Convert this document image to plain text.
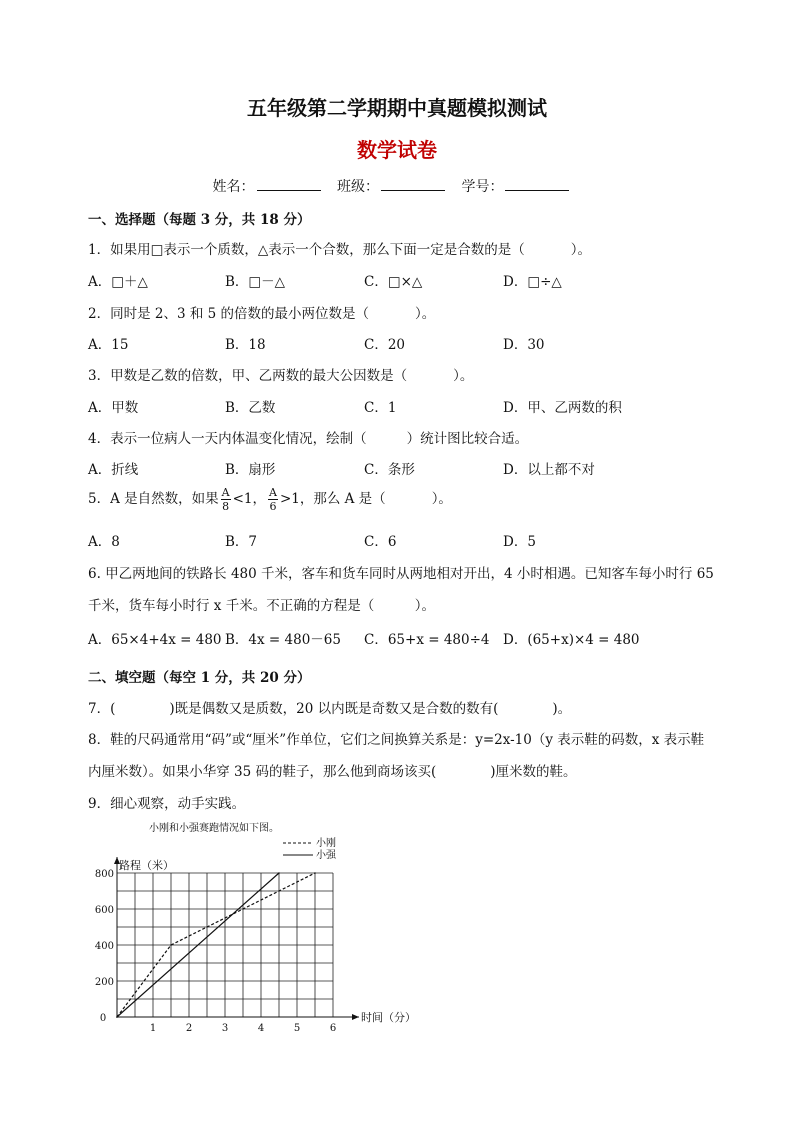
五年级第二学期期中真题模拟测试
数学试卷
姓名：	班级：	学号：
一、选择题（每题 3 分，共 18 分）
1．如果用□表示一个质数，△表示一个合数，那么下面一定是合数的是（	）。
A．□＋△	B．□－△	C．□×△	D．□÷△
2．同时是 2、3 和 5 的倍数的最小两位数是（	）。
A．15	B．18	C．20	D．30
3．甲数是乙数的倍数，甲、乙两数的最大公因数是（	）。
A．甲数	B．乙数	C．1	D．甲、乙两数的积
4．表示一位病人一天内体温变化情况，绘制（	）统计图比较合适。
A．折线	B．扇形	C．条形	D．以上都不对
5．A 是自然数，如果 $\frac{A}{8} <1$， $\frac{A}{6} >1$，那么 A 是（	）。
A．8	B．7	C．6	D．5
6. 甲乙两地间的铁路长 480 千米，客车和货车同时从两地相对开出，4 小时相遇。已知客车每小时行 65
千米，货车每小时行 x 千米。不正确的方程是（　　　）。
A．65×4+4x = 480 B．4x = 480－65 C．65+x = 480÷4 D．(65+x)×4 = 480
二、填空题（每空 1 分，共 20 分）
7．(　　　　)既是偶数又是质数，20 以内既是奇数又是合数的数有(　　　　)。
8．鞋的尺码通常用“码”或“厘米”作单位，它们之间换算关系是：y=2x-10（y 表示鞋的码数，x 表示鞋
内厘米数）。如果小华穿 35 码的鞋子，那么他到商场该买(　　　　)厘米数的鞋。
9．细心观察，动手实践。
1	2	3	4	5	6
0
200
400
600
800
小刚和小强赛跑情况如下图。
路程（米）
时间（分）
小刚
小强
